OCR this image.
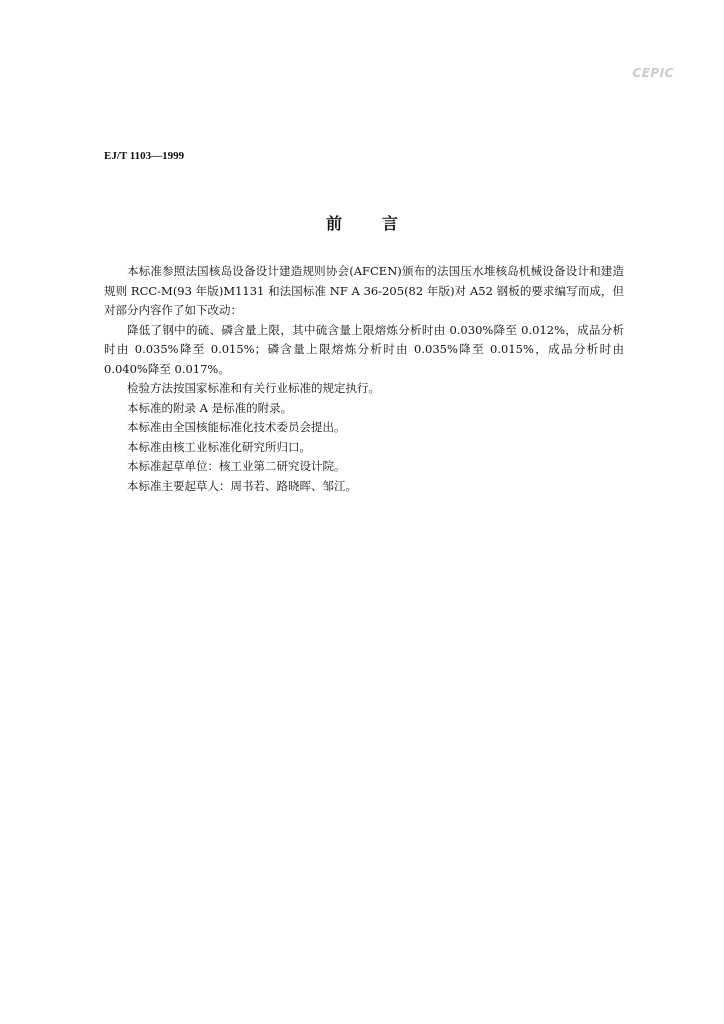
CEPIC
EJ/T 1103—1999
前言

本标准参照法国核岛设备设计建造规则协会(AFCEN)颁布的法国压水堆核岛机械设备设计和建造规则 RCC-M(93 年版)M1131 和法国标准 NF A 36-205(82 年版)对 A52 钢板的要求编写而成，但对部分内容作了如下改动：

降低了钢中的硫、磷含量上限，其中硫含量上限熔炼分析时由 0.030%降至 0.012%，成品分析时由 0.035%降至 0.015%；磷含量上限熔炼分析时由 0.035%降至 0.015%，成品分析时由 0.040%降至 0.017%。

检验方法按国家标准和有关行业标准的规定执行。

本标准的附录 A 是标准的附录。

本标准由全国核能标准化技术委员会提出。

本标准由核工业标准化研究所归口。

本标准起草单位：核工业第二研究设计院。

本标准主要起草人：周书若、路晓晖、邹江。
